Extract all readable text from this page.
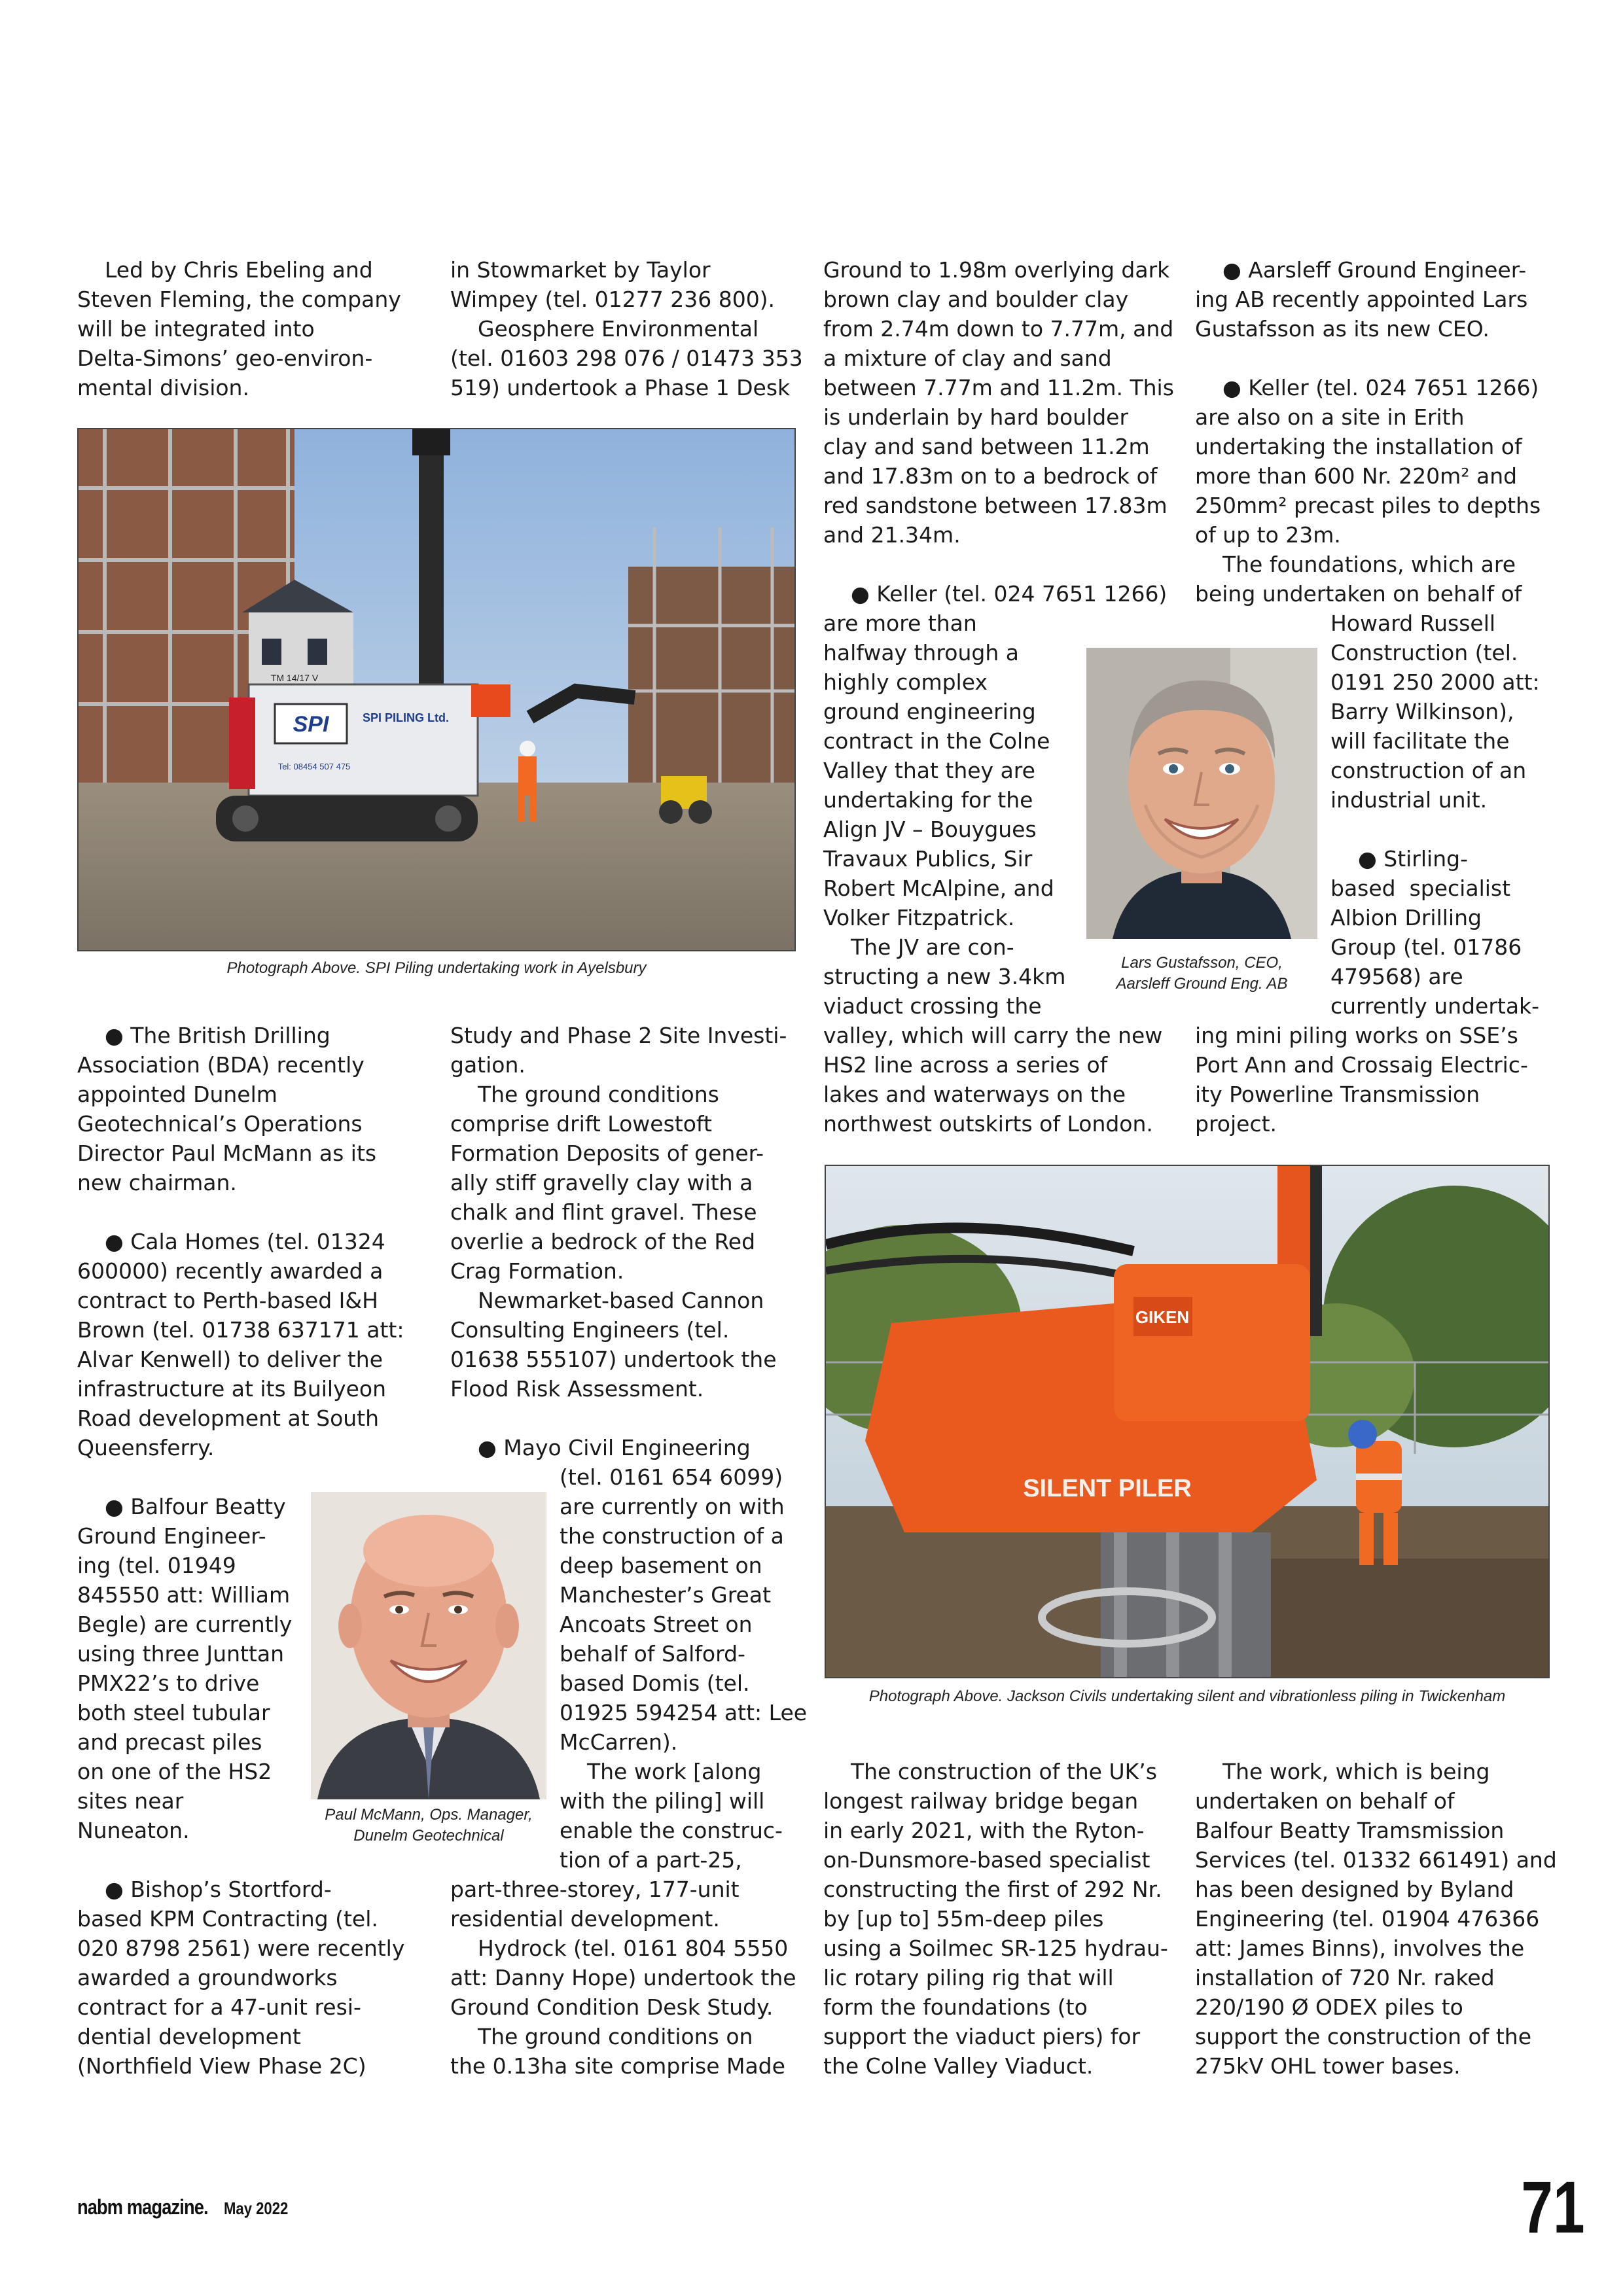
Led by Chris Ebeling and
Steven Fleming, the company
will be integrated into
Delta-Simons’ geo-environ-
mental division.
in Stowmarket by Taylor
Wimpey (tel. 01277 236 800).
Geosphere Environmental
(tel. 01603 298 076 / 01473 353
519) undertook a Phase 1 Desk
Ground to 1.98m overlying dark
brown clay and boulder clay
from 2.74m down to 7.77m, and
a mixture of clay and sand
between 7.77m and 11.2m. This
is underlain by hard boulder
clay and sand between 11.2m
and 17.83m on to a bedrock of
red sandstone between 17.83m
and 21.34m.
● Keller (tel. 024 7651 1266)
are more than
halfway through a
highly complex
ground engineering
contract in the Colne
Valley that they are
undertaking for the
Align JV – Bouygues
Travaux Publics, Sir
Robert McAlpine, and
Volker Fitzpatrick.
The JV are con-
structing a new 3.4km
viaduct crossing the
valley, which will carry the new
HS2 line across a series of
lakes and waterways on the
northwest outskirts of London.
● Aarsleff Ground Engineer-
ing AB recently appointed Lars
Gustafsson as its new CEO.
● Keller (tel. 024 7651 1266)
are also on a site in Erith
undertaking the installation of
more than 600 Nr. 220m² and
250mm² precast piles to depths
of up to 23m.
The foundations, which are
being undertaken on behalf of
Howard Russell
Construction (tel.
0191 250 2000 att:
Barry Wilkinson),
will facilitate the
construction of an
industrial unit.
● Stirling-
based  specialist
Albion Drilling
Group (tel. 01786
479568) are
currently undertak-
ing mini piling works on SSE’s
Port Ann and Crossaig Electric-
ity Powerline Transmission
project.
● The British Drilling
Association (BDA) recently
appointed Dunelm
Geotechnical’s Operations
Director Paul McMann as its
new chairman.
● Cala Homes (tel. 01324
600000) recently awarded a
contract to Perth-based I&H
Brown (tel. 01738 637171 att:
Alvar Kenwell) to deliver the
infrastructure at its Builyeon
Road development at South
Queensferry.
● Balfour Beatty
Ground Engineer-
ing (tel. 01949
845550 att: William
Begle) are currently
using three Junttan
PMX22’s to drive
both steel tubular
and precast piles
on one of the HS2
sites near
Nuneaton.
● Bishop’s Stortford-
based KPM Contracting (tel.
020 8798 2561) were recently
awarded a groundworks
contract for a 47-unit resi-
dential development
(Northfield View Phase 2C)
Study and Phase 2 Site Investi-
gation.
The ground conditions
comprise drift Lowestoft
Formation Deposits of gener-
ally stiff gravelly clay with a
chalk and flint gravel. These
overlie a bedrock of the Red
Crag Formation.
Newmarket-based Cannon
Consulting Engineers (tel.
01638 555107) undertook the
Flood Risk Assessment.
● Mayo Civil Engineering
(tel. 0161 654 6099)
are currently on with
the construction of a
deep basement on
Manchester’s Great
Ancoats Street on
behalf of Salford-
based Domis (tel.
01925 594254 att: Lee
McCarren).
The work [along
with the piling] will
enable the construc-
tion of a part-25,
part-three-storey, 177-unit
residential development.
Hydrock (tel. 0161 804 5550
att: Danny Hope) undertook the
Ground Condition Desk Study.
The ground conditions on
the 0.13ha site comprise Made
The construction of the UK’s
longest railway bridge began
in early 2021, with the Ryton-
on-Dunsmore-based specialist
constructing the first of 292 Nr.
by [up to] 55m-deep piles
using a Soilmec SR-125 hydrau-
lic rotary piling rig that will
form the foundations (to
support the viaduct piers) for
the Colne Valley Viaduct.
The work, which is being
undertaken on behalf of
Balfour Beatty Tramsmission
Services (tel. 01332 661491) and
has been designed by Byland
Engineering (tel. 01904 476366
att: James Binns), involves the
installation of 720 Nr. raked
220/190 Ø ODEX piles to
support the construction of the
275kV OHL tower bases.
SPI	SPI PILING Ltd.
Tel: 08454 507 475
TM 14/17 V
Photograph Above. SPI Piling undertaking work in Ayelsbury	Lars Gustafsson, CEO,
Aarsleff Ground Eng. AB
Paul McMann, Ops. Manager,
Dunelm Geotechnical
GIKEN
SILENT PILER
Photograph Above. Jackson Civils undertaking silent and vibrationless piling in Twickenham
nabm magazine. May 2022	71
